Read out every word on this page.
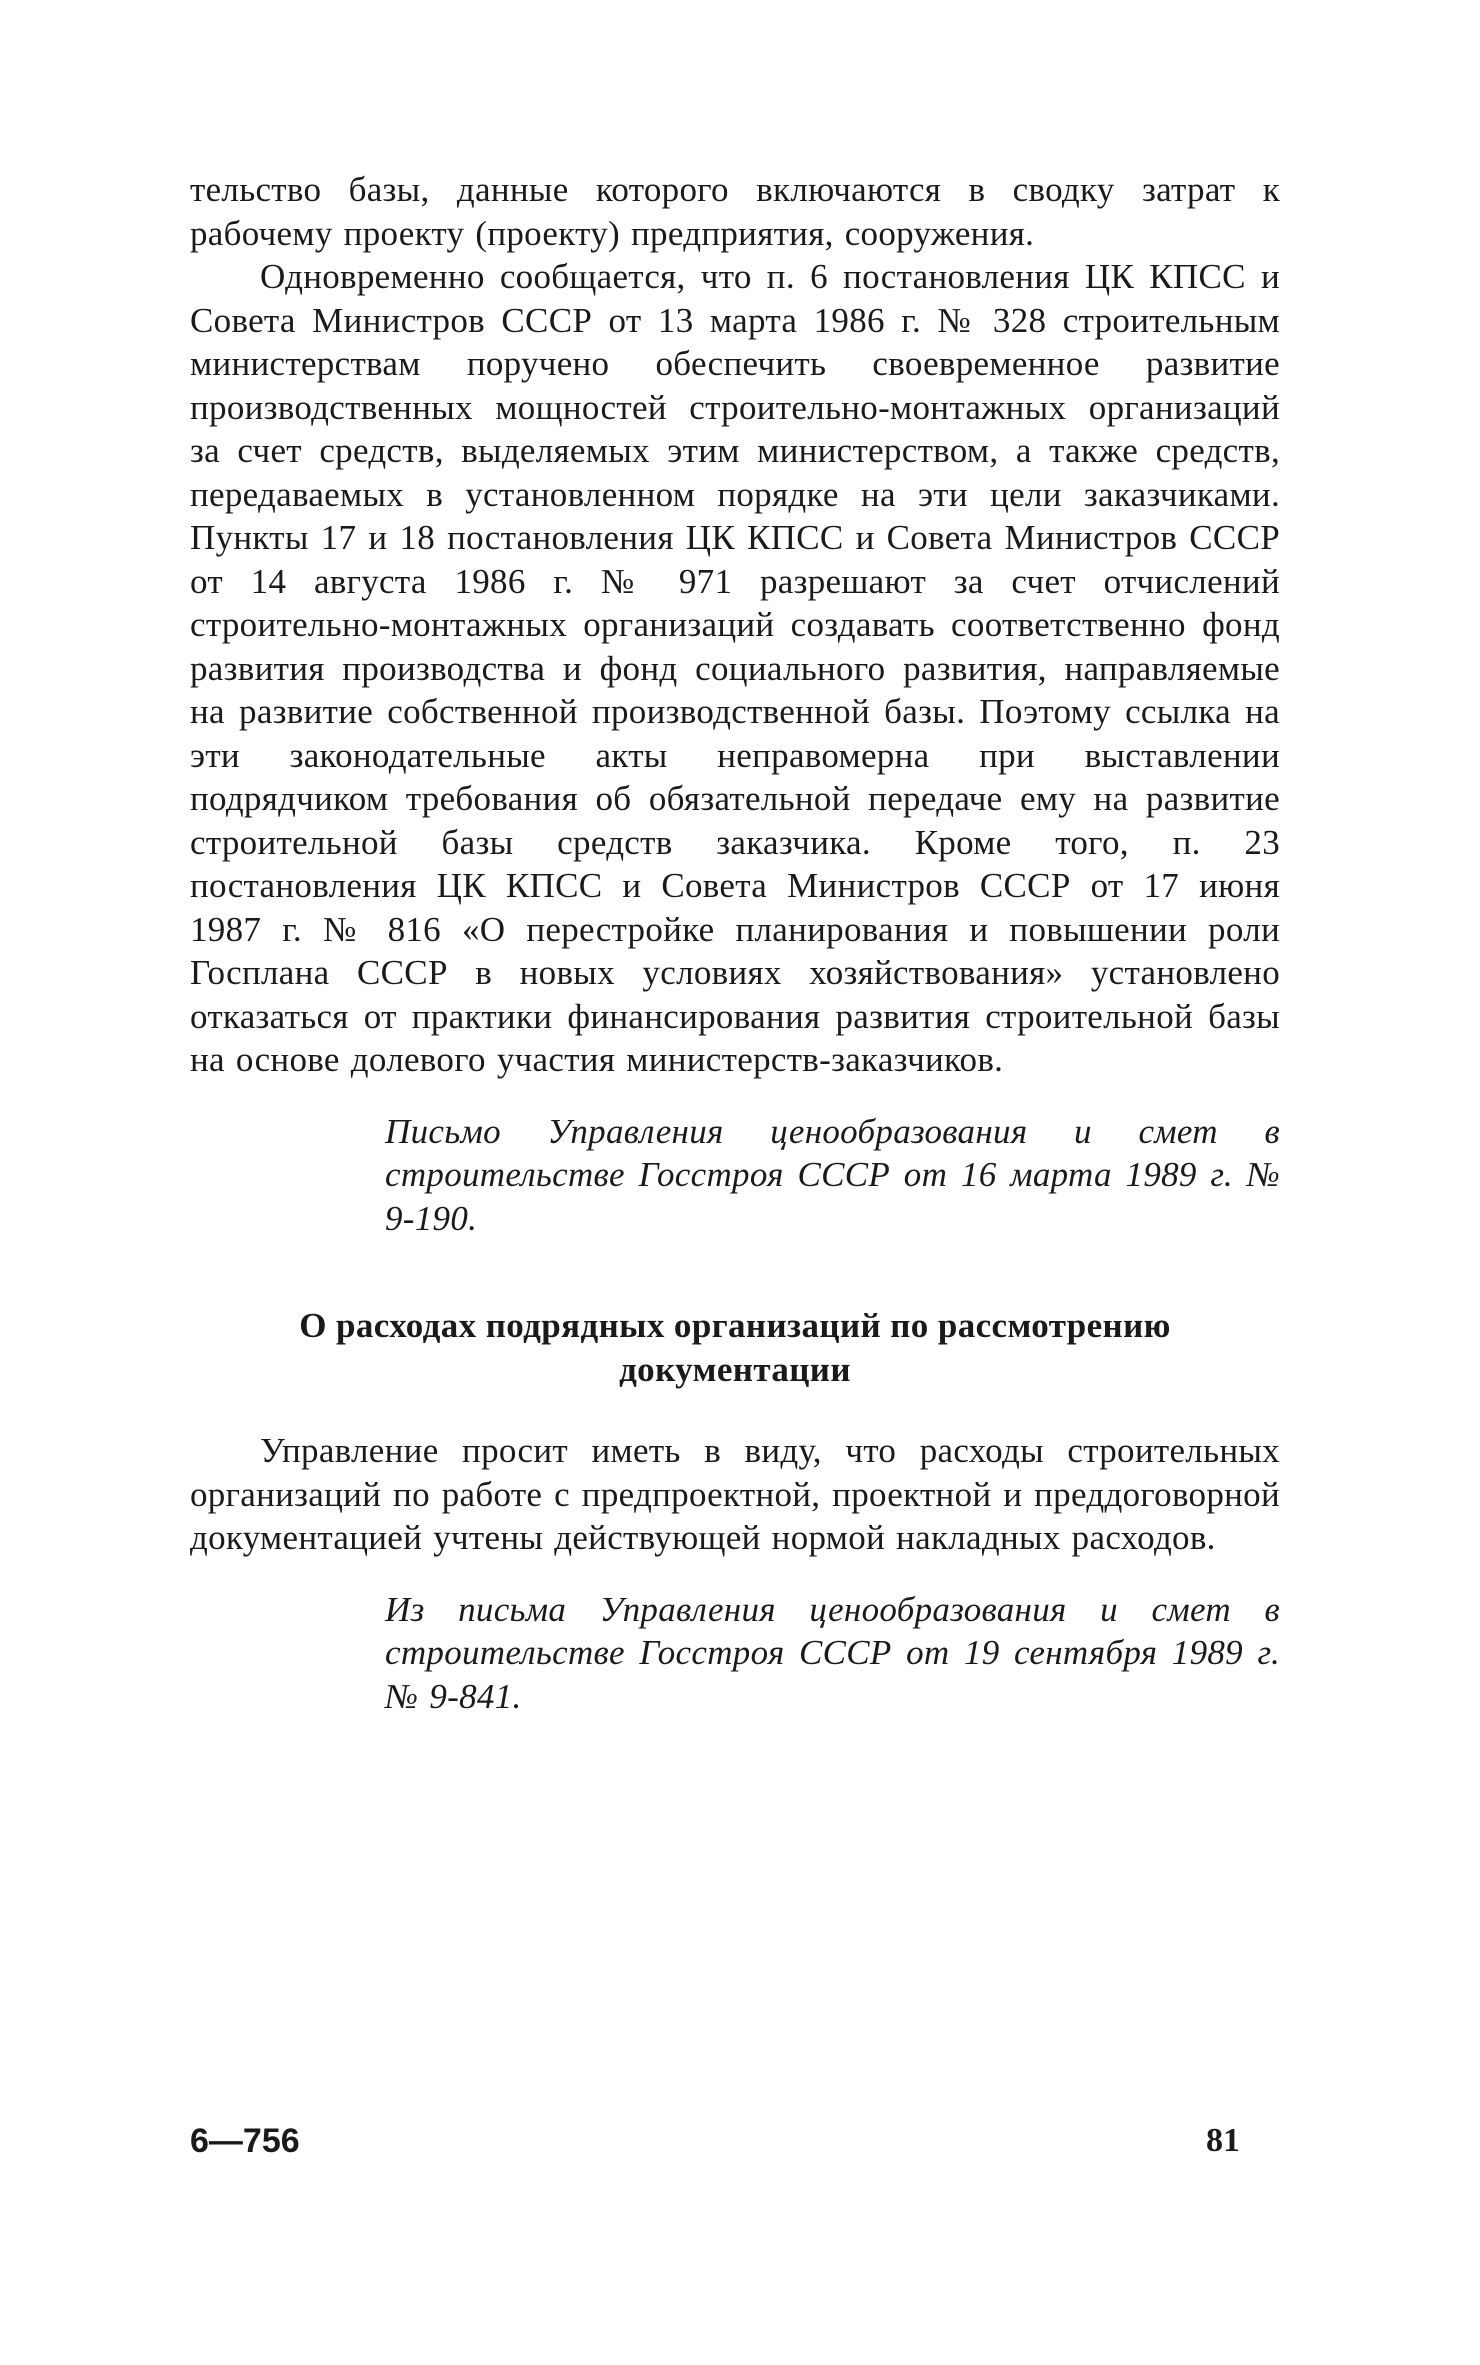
тельство базы, данные которого включаются в сводку затрат к рабочему проекту (проекту) предприятия, сооружения.

Одновременно сообщается, что п. 6 постановления ЦК КПСС и Совета Министров СССР от 13 марта 1986 г. № 328 строительным министерствам поручено обеспечить своевременное развитие производственных мощностей строительно-монтажных организаций за счет средств, выделяемых этим министерством, а также средств, передаваемых в установленном порядке на эти цели заказчиками. Пункты 17 и 18 постановления ЦК КПСС и Совета Министров СССР от 14 августа 1986 г. № 971 разрешают за счет отчислений строительно-монтажных организаций создавать соответственно фонд развития производства и фонд социального развития, направляемые на развитие собственной производственной базы. Поэтому ссылка на эти законодательные акты неправомерна при выставлении подрядчиком требования об обязательной передаче ему на развитие строительной базы средств заказчика. Кроме того, п. 23 постановления ЦК КПСС и Совета Министров СССР от 17 июня 1987 г. № 816 «О перестройке планирования и повышении роли Госплана СССР в новых условиях хозяйствования» установлено отказаться от практики финансирования развития строительной базы на основе долевого участия министерств-заказчиков.

Письмо Управления ценообразования и смет в строительстве Госстроя СССР от 16 марта 1989 г. № 9-190.
О расходах подрядных организаций по рассмотрению документации

Управление просит иметь в виду, что расходы строительных организаций по работе с предпроектной, проектной и преддоговорной документацией учтены действующей нормой накладных расходов.

Из письма Управления ценообразования и смет в строительстве Госстроя СССР от 19 сентября 1989 г. № 9-841.
6—756	81
